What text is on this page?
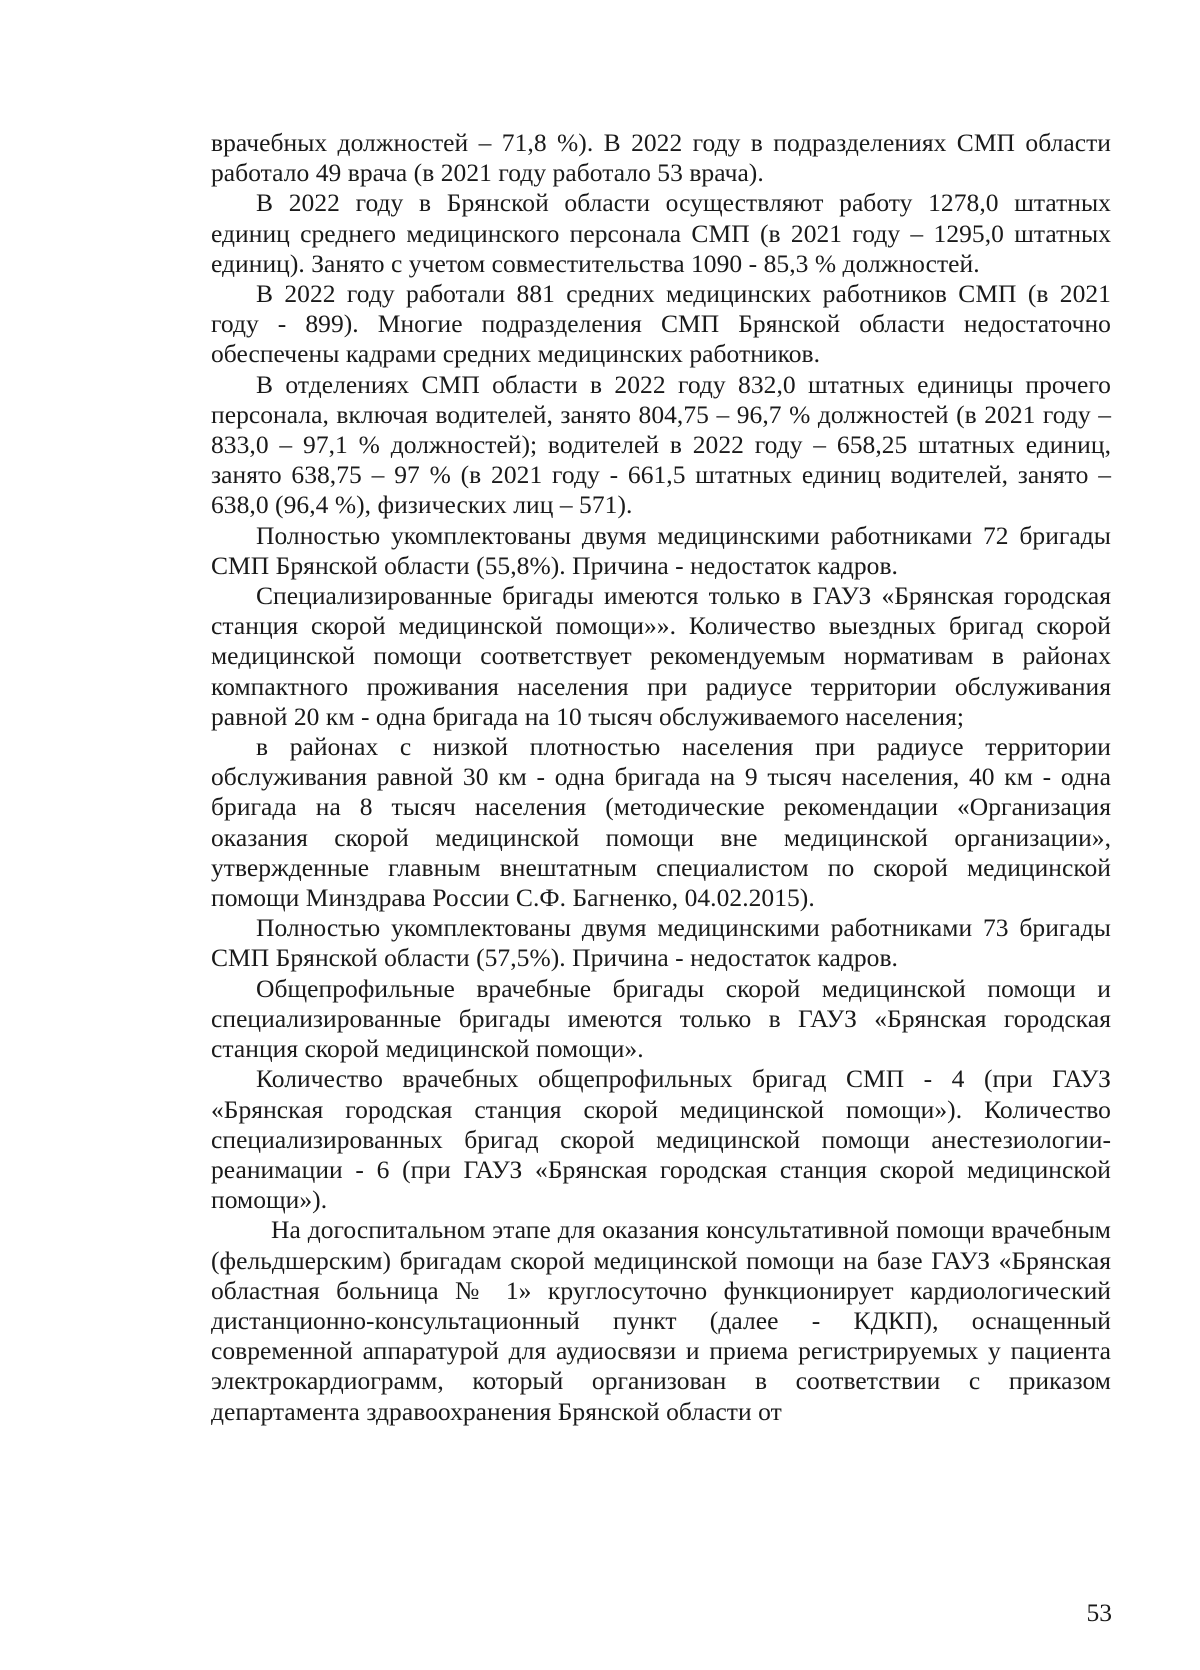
врачебных должностей – 71,8 %). В 2022 году в подразделениях СМП области работало 49 врача (в 2021 году работало 53 врача).

В 2022 году в Брянской области осуществляют работу 1278,0 штатных единиц среднего медицинского персонала СМП (в 2021 году – 1295,0 штатных единиц). Занято с учетом совместительства 1090 - 85,3 % должностей.

В 2022 году работали 881 средних медицинских работников СМП (в 2021 году - 899). Многие подразделения СМП Брянской области недостаточно обеспечены кадрами средних медицинских работников.

В отделениях СМП области в 2022 году 832,0 штатных единицы прочего персонала, включая водителей, занято 804,75 – 96,7 % должностей (в 2021 году – 833,0 – 97,1 % должностей); водителей в 2022 году – 658,25 штатных единиц, занято 638,75 – 97 % (в 2021 году - 661,5 штатных единиц водителей, занято – 638,0 (96,4 %), физических лиц – 571).

Полностью укомплектованы двумя медицинскими работниками 72 бригады СМП Брянской области (55,8%). Причина - недостаток кадров.

Специализированные бригады имеются только в ГАУЗ «Брянская городская станция скорой медицинской помощи»». Количество выездных бригад скорой медицинской помощи соответствует рекомендуемым нормативам в районах компактного проживания населения при радиусе территории обслуживания равной 20 км - одна бригада на 10 тысяч обслуживаемого населения;

в районах с низкой плотностью населения при радиусе территории обслуживания равной 30 км - одна бригада на 9 тысяч населения, 40 км - одна бригада на 8 тысяч населения (методические рекомендации «Организация оказания скорой медицинской помощи вне медицинской организации», утвержденные главным внештатным специалистом по скорой медицинской помощи Минздрава России С.Ф. Багненко, 04.02.2015).

Полностью укомплектованы двумя медицинскими работниками 73 бригады СМП Брянской области (57,5%). Причина - недостаток кадров.

Общепрофильные врачебные бригады скорой медицинской помощи и специализированные бригады имеются только в ГАУЗ «Брянская городская станция скорой медицинской помощи».

Количество врачебных общепрофильных бригад СМП - 4 (при ГАУЗ «Брянская городская станция скорой медицинской помощи»). Количество специализированных бригад скорой медицинской помощи анестезиологии-реанимации - 6 (при ГАУЗ «Брянская городская станция скорой медицинской помощи»).

На догоспитальном этапе для оказания консультативной помощи врачебным (фельдшерским) бригадам скорой медицинской помощи на базе ГАУЗ «Брянская областная больница № 1» круглосуточно функционирует кардиологический дистанционно-консультационный пункт (далее - КДКП), оснащенный современной аппаратурой для аудиосвязи и приема регистрируемых у пациента электрокардиограмм, который организован в соответствии с приказом департамента здравоохранения Брянской области от

53
